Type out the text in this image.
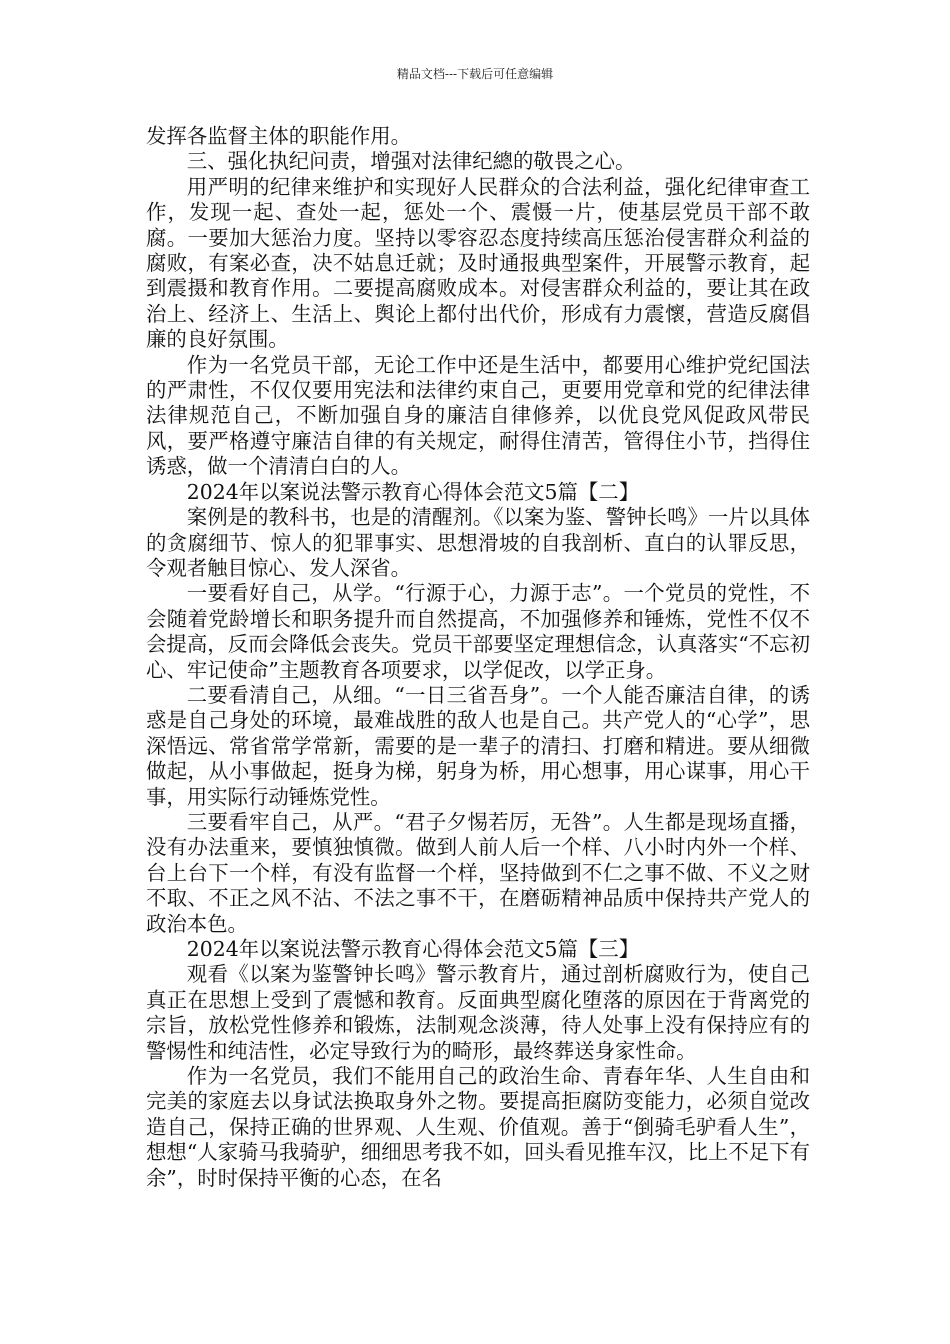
精品文档---下载后可任意编辑

发挥各监督主体的职能作用。

三、强化执纪问责，增强对法律纪總的敬畏之心。

用严明的纪律来维护和实现好人民群众的合法利益，强化纪律审查工作，发现一起、查处一起，惩处一个、震慑一片，使基层党员干部不敢腐。一要加大惩治力度。坚持以零容忍态度持续高压惩治侵害群众利益的腐败，有案必查，决不姑息迁就；及时通报典型案件，开展警示教育，起到震摄和教育作用。二要提高腐败成本。对侵害群众利益的，要让其在政治上、经济上、生活上、舆论上都付出代价，形成有力震懷，营造反腐倡廉的良好氛围。

作为一名党员干部，无论工作中还是生活中，都要用心维护党纪国法的严肃性，不仅仅要用宪法和法律约束自己，更要用党章和党的纪律法律法律规范自己，不断加强自身的廉洁自律修养，以优良党风促政风带民风，要严格遵守廉洁自律的有关规定，耐得住清苦，管得住小节，挡得住诱惑，做一个清清白白的人。

2024年以案说法警示教育心得体会范文5篇【二】

案例是的教科书，也是的清醒剂。《以案为鉴、警钟长鸣》一片以具体的贪腐细节、惊人的犯罪事实、思想滑坡的自我剖析、直白的认罪反思，令观者触目惊心、发人深省。

一要看好自己，从学。“行源于心，力源于志”。一个党员的党性，不会随着党龄增长和职务提升而自然提高，不加强修养和锤炼，党性不仅不会提高，反而会降低会丧失。党员干部要坚定理想信念，认真落实“不忘初心、牢记使命”主题教育各项要求，以学促改，以学正身。

二要看清自己，从细。“一日三省吾身”。一个人能否廉洁自律，的诱惑是自己身处的环境，最难战胜的敌人也是自己。共产党人的“心学”，思深悟远、常省常学常新，需要的是一辈子的清扫、打磨和精进。要从细微做起，从小事做起，挺身为梯，躬身为桥，用心想事，用心谋事，用心干事，用实际行动锤炼党性。

三要看牢自己，从严。“君子夕惕若厉，无咎”。人生都是现场直播，没有办法重来，要慎独慎微。做到人前人后一个样、八小时内外一个样、台上台下一个样，有没有监督一个样，坚持做到不仁之事不做、不义之财不取、不正之风不沾、不法之事不干，在磨砺精神品质中保持共产党人的政治本色。

2024年以案说法警示教育心得体会范文5篇【三】

观看《以案为鉴警钟长鸣》警示教育片，通过剖析腐败行为，使自己真正在思想上受到了震憾和教育。反面典型腐化堕落的原因在于背离党的宗旨，放松党性修养和锻炼，法制观念淡薄，待人处事上没有保持应有的警惕性和纯洁性，必定导致行为的畸形，最终葬送身家性命。

作为一名党员，我们不能用自己的政治生命、青春年华、人生自由和完美的家庭去以身试法换取身外之物。要提高拒腐防变能力，必须自觉改造自己，保持正确的世界观、人生观、价值观。善于“倒骑毛驴看人生”，想想“人家骑马我骑驴，细细思考我不如，回头看见推车汉，比上不足下有余”，时时保持平衡的心态，在名
